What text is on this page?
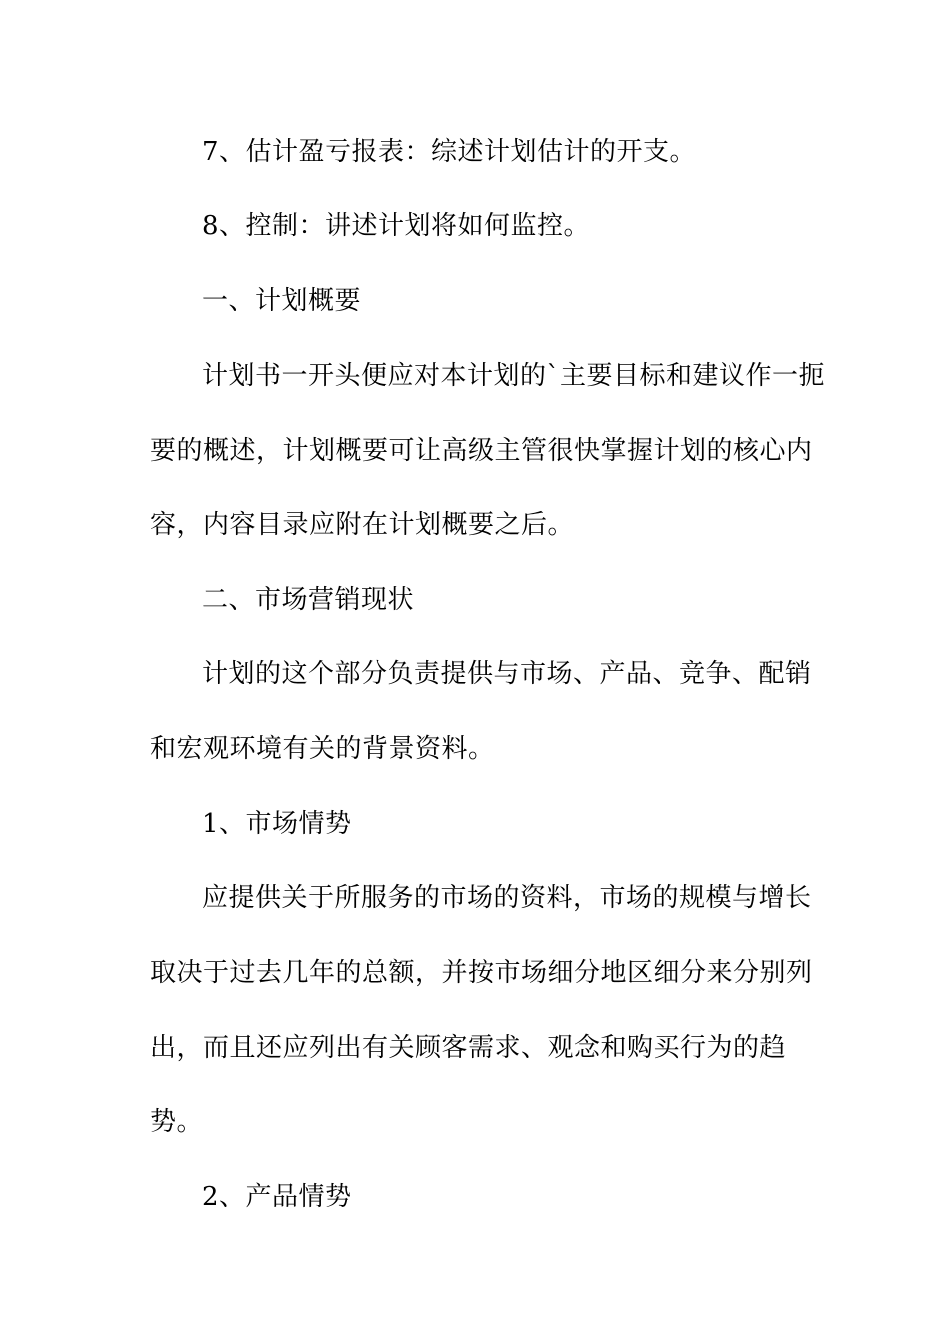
7、估计盈亏报表：综述计划估计的开支。
8、控制：讲述计划将如何监控。
一、计划概要
计划书一开头便应对本计划的`主要目标和建议作一扼
要的概述，计划概要可让高级主管很快掌握计划的核心内
容，内容目录应附在计划概要之后。
二、市场营销现状
计划的这个部分负责提供与市场、产品、竞争、配销
和宏观环境有关的背景资料。
1、市场情势
应提供关于所服务的市场的资料，市场的规模与增长
取决于过去几年的总额，并按市场细分地区细分来分别列
出，而且还应列出有关顾客需求、观念和购买行为的趋
势。
2、产品情势
